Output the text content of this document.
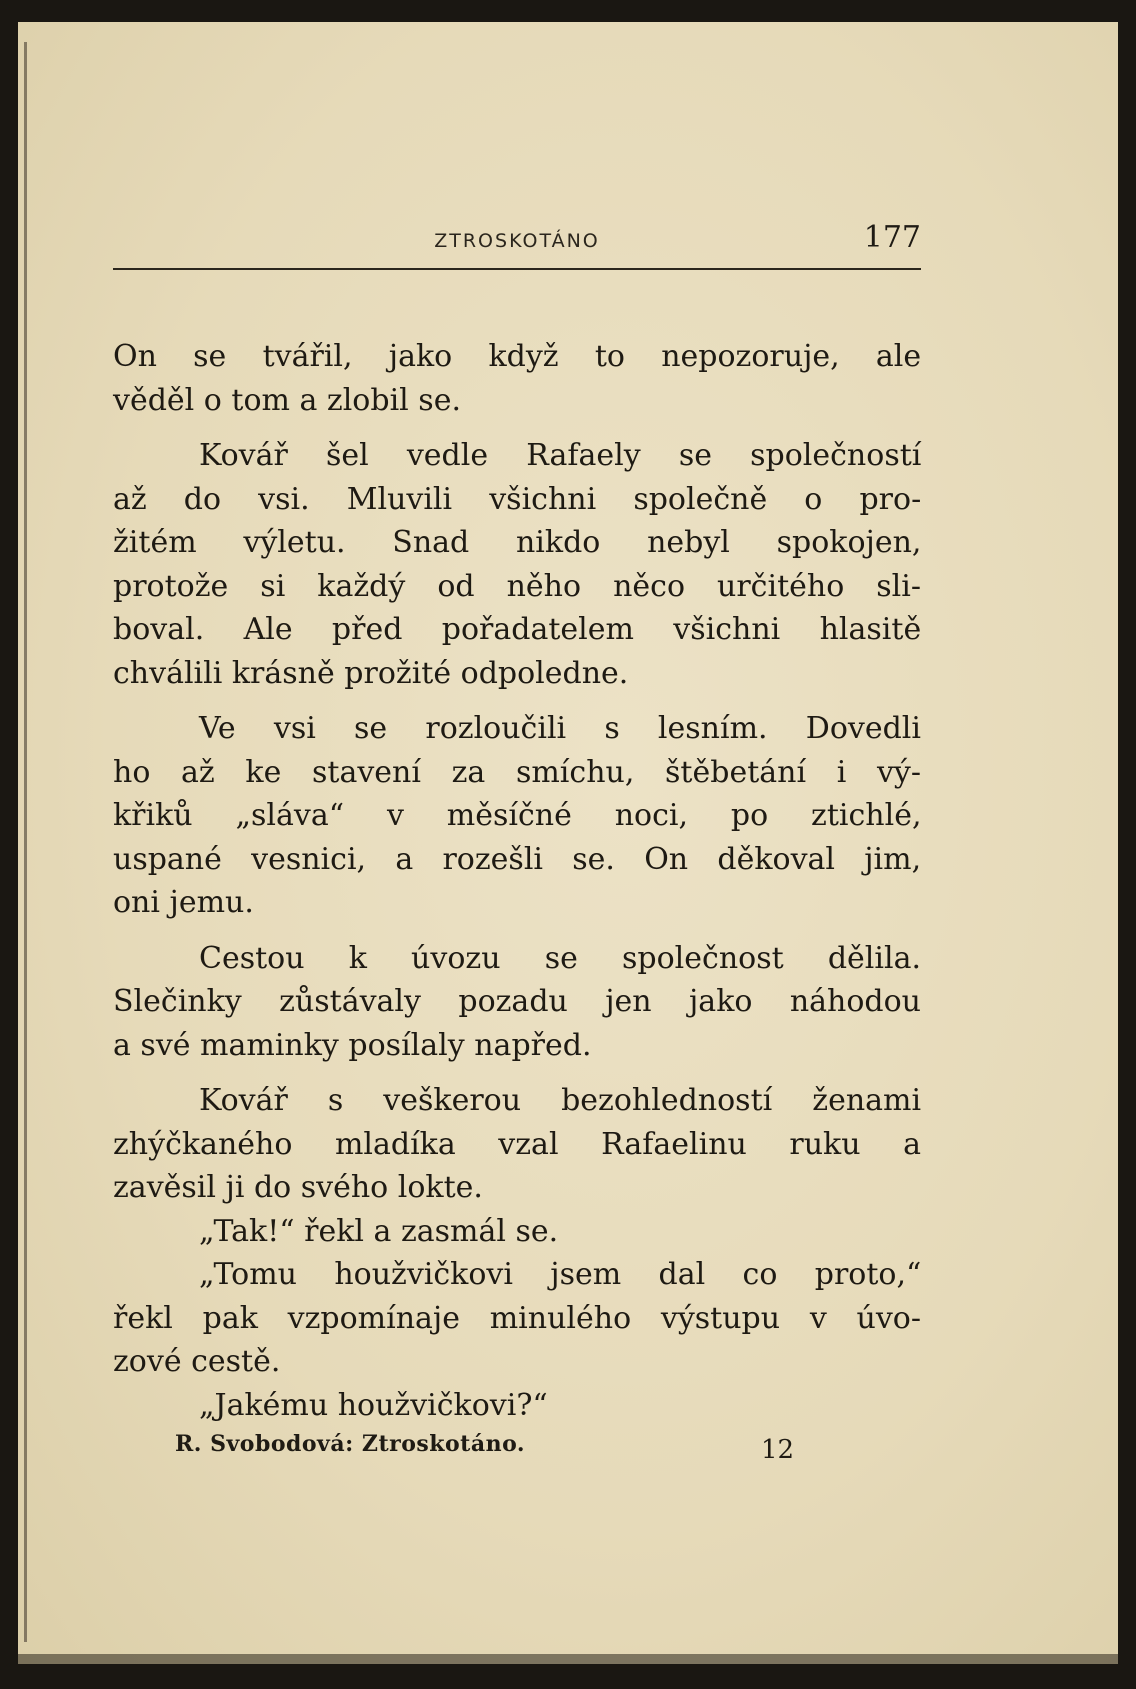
ZTROSKOTÁNO	177
On se tvářil, jako když to nepozoruje, ale
věděl o tom a zlobil se.
Kovář šel vedle Rafaely se společností
až do vsi. Mluvili všichni společně o pro-
žitém výletu. Snad nikdo nebyl spokojen,
protože si každý od něho něco určitého sli-
boval. Ale před pořadatelem všichni hlasitě
chválili krásně prožité odpoledne.
Ve vsi se rozloučili s lesním. Dovedli
ho až ke stavení za smíchu, štěbetání i vý-
křiků „sláva“ v měsíčné noci, po ztichlé,
uspané vesnici, a rozešli se. On děkoval jim,
oni jemu.
Cestou k úvozu se společnost dělila.
Slečinky zůstávaly pozadu jen jako náhodou
a své maminky posílaly napřed.
Kovář s veškerou bezohledností ženami
zhýčkaného mladíka vzal Rafaelinu ruku a
zavěsil ji do svého lokte.
„Tak!“ řekl a zasmál se.
„Tomu houžvičkovi jsem dal co proto,“
řekl pak vzpomínaje minulého výstupu v úvo-
zové cestě.
„Jakému houžvičkovi?“
R. Svobodová: Ztroskotáno.	12
